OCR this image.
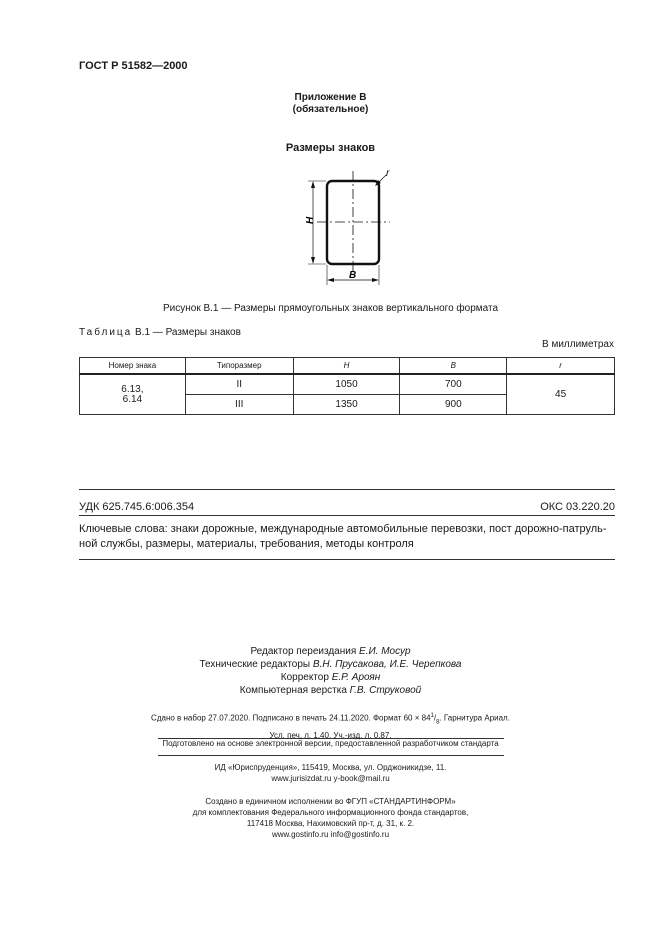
ГОСТ Р 51582—2000
Приложение В
(обязательное)
Размеры знаков
H
B
r
Рисунок В.1 — Размеры прямоугольных знаков вертикального формата
Таблица В.1 — Размеры знаков
В миллиметрах
Номер знака	Типоразмер	H	B	r

6.13,
6.14	II	1050	700	45
	III	1350	900	
УДК 625.745.6:006.354	ОКС 03.220.20
Ключевые слова: знаки дорожные, международные автомобильные перевозки, пост дорожно-патруль-ной службы, размеры, материалы, требования, методы контроля
Редактор переиздания Е.И. Мосур
Технические редакторы В.Н. Прусакова, И.Е. Черепкова
Корректор Е.Р. Ароян
Компьютерная верстка Г.В. Струковой
Сдано в набор 27.07.2020. Подписано в печать 24.11.2020. Формат $60 \times 84^1/_8$. Гарнитура Ариал.
Усл. печ. л. 1,40. Уч.-изд. л. 0,87.
Подготовлено на основе электронной версии, предоставленной разработчиком стандарта
ИД «Юриспруденция», 115419, Москва, ул. Орджоникидзе, 11.
www.jurisizdat.ru y-book@mail.ru
Создано в единичном исполнении во ФГУП «СТАНДАРТИНФОРМ»
для комплектования Федерального информационного фонда стандартов,
117418 Москва, Нахимовский пр-т, д. 31, к. 2.
www.gostinfo.ru info@gostinfo.ru
